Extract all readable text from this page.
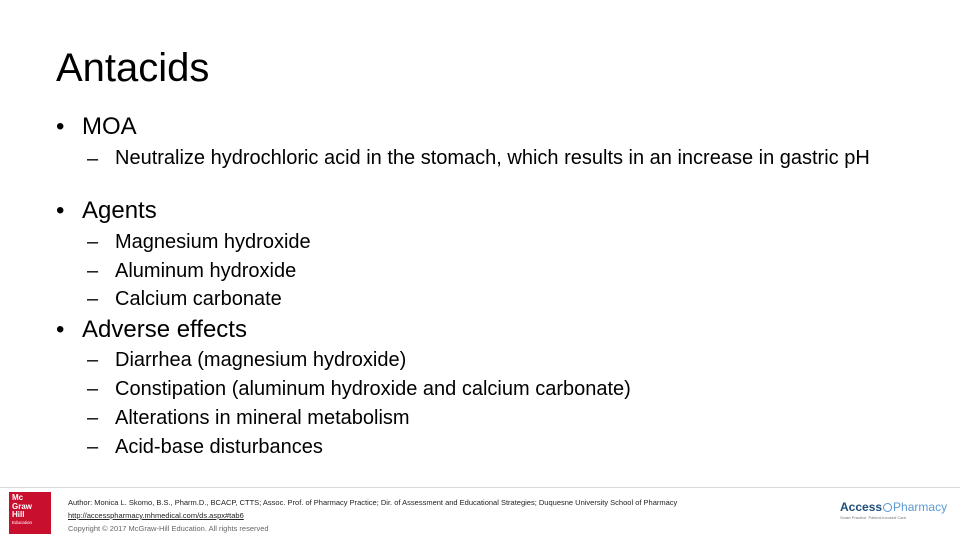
Antacids
• MOA
– Neutralize hydrochloric acid in the stomach, which results in an increase in gastric pH
• Agents
– Magnesium hydroxide
– Aluminum hydroxide
– Calcium carbonate
• Adverse effects
– Diarrhea (magnesium hydroxide)
– Constipation (aluminum hydroxide and calcium carbonate)
– Alterations in mineral metabolism
– Acid-base disturbances
Mc
Graw
Hill
Education
Author: Monica L. Skomo, B.S., Pharm.D., BCACP, CTTS; Assoc. Prof. of Pharmacy Practice; Dir. of Assessment and Educational Strategies; Duquesne University School of Pharmacy
http://accesspharmacy.mhmedical.com/ds.aspx#tab6
Copyright © 2017 McGraw-Hill Education. All rights reserved
Access Pharmacy
Smart Practice. Patient-focused Care.
